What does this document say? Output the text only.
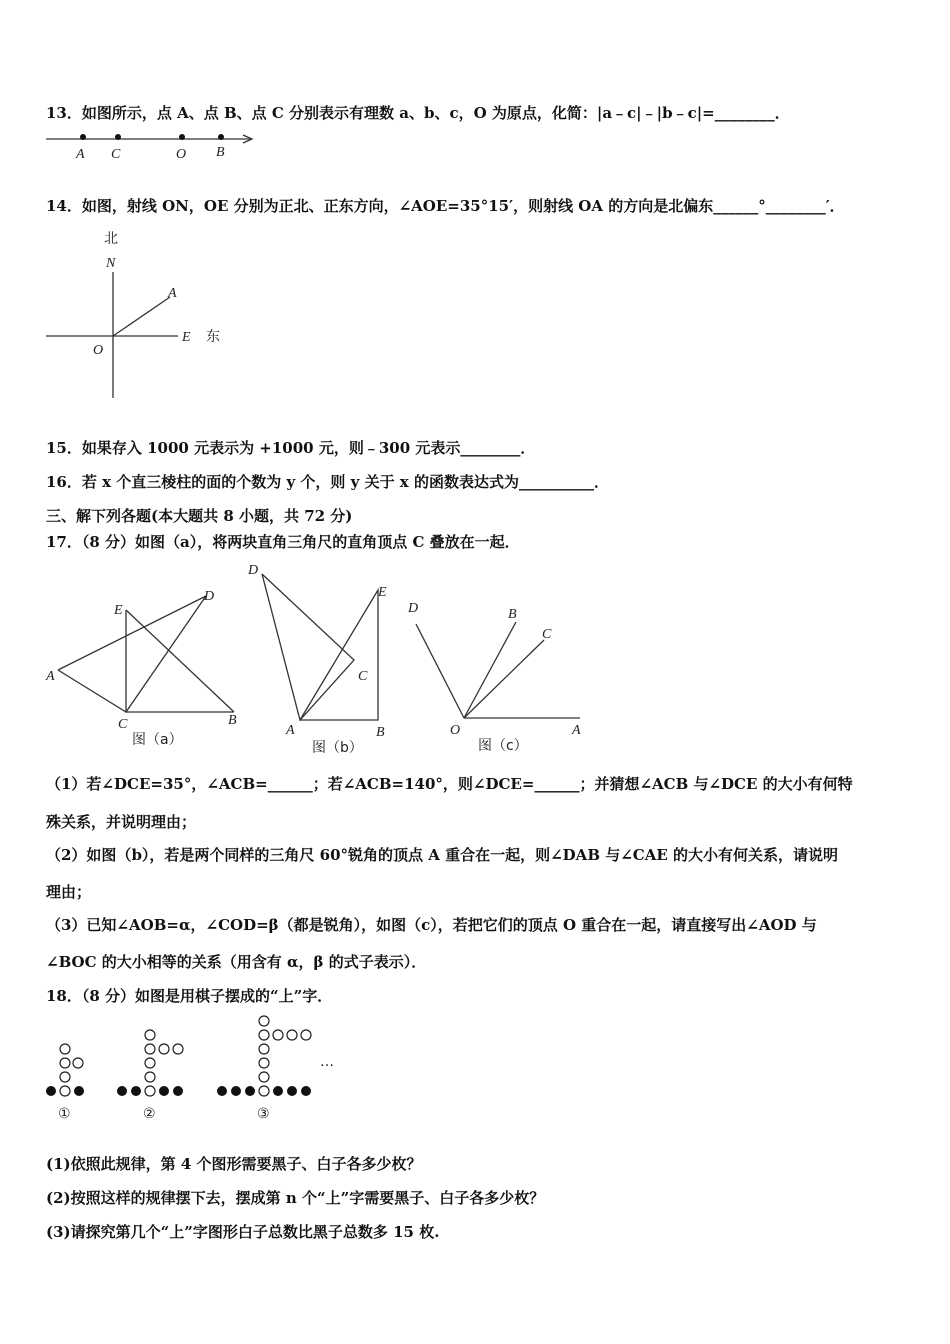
13．如图所示，点 A、点 B、点 C 分别表示有理数 a、b、c，O 为原点，化简：|a﹣c|﹣|b﹣c|=________．
A C	O B
14．如图，射线 ON，OE 分别为正北、正东方向，∠AOE=35°15′，则射线 OA 的方向是北偏东______°________′．
北
N
A
E 东
O
15．如果存入 1000 元表示为 +1000 元，则﹣300 元表示________．
16．若 x 个直三棱柱的面的个数为 y 个，则 y 关于 x 的函数表达式为__________．
三、解下列各题(本大题共 8 小题，共 72 分)
17．（8 分）如图（a），将两块直角三角尺的直角顶点 C 叠放在一起．
E
D
A
C	B
图（a）
D
E
C
A	B
图（b）
D	B
C
O	A
图（c）
（1）若∠DCE=35°，∠ACB=______；若∠ACB=140°，则∠DCE=______；并猜想∠ACB 与∠DCE 的大小有何特
殊关系，并说明理由；
（2）如图（b），若是两个同样的三角尺 60°锐角的顶点 A 重合在一起，则∠DAB 与∠CAE 的大小有何关系，请说明
理由；
（3）已知∠AOB=α，∠COD=β（都是锐角），如图（c），若把它们的顶点 O 重合在一起，请直接写出∠AOD 与
∠BOC 的大小相等的关系（用含有 α，β 的式子表示）．
18．（8 分）如图是用棋子摆成的“上”字．
①	②	③
…
(1)依照此规律，第 4 个图形需要黑子、白子各多少枚？
(2)按照这样的规律摆下去，摆成第 n 个“上”字需要黑子、白子各多少枚？
(3)请探究第几个“上”字图形白子总数比黑子总数多 15 枚.
